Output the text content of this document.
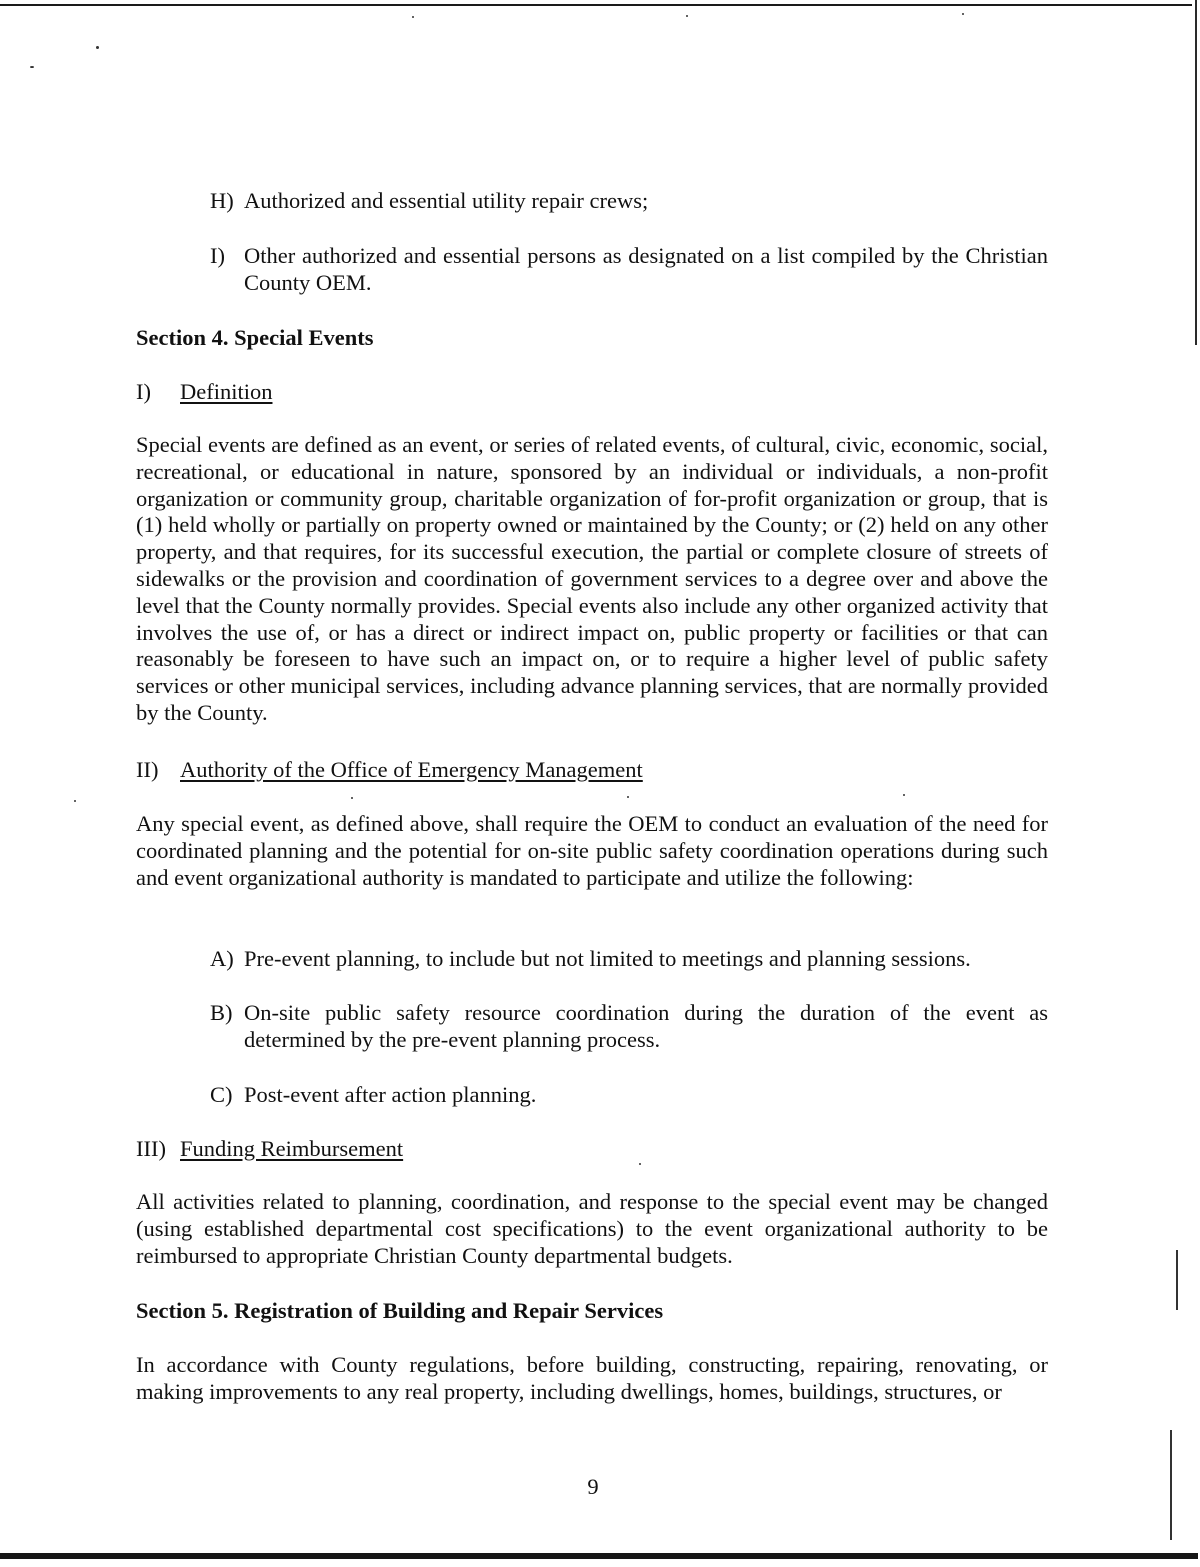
H) Authorized and essential utility repair crews;

I) Other authorized and essential persons as designated on a list compiled by the Christian County OEM.

Section 4. Special Events

I) Definition

Special events are defined as an event, or series of related events, of cultural, civic, economic, social, recreational, or educational in nature, sponsored by an individual or individuals, a non-profit organization or community group, charitable organization of for-profit organization or group, that is (1) held wholly or partially on property owned or maintained by the County; or (2) held on any other property, and that requires, for its successful execution, the partial or complete closure of streets of sidewalks or the provision and coordination of government services to a degree over and above the level that the County normally provides. Special events also include any other organized activity that involves the use of, or has a direct or indirect impact on, public property or facilities or that can reasonably be foreseen to have such an impact on, or to require a higher level of public safety services or other municipal services, including advance planning services, that are normally provided by the County.

II) Authority of the Office of Emergency Management

Any special event, as defined above, shall require the OEM to conduct an evaluation of the need for coordinated planning and the potential for on-site public safety coordination operations during such and event organizational authority is mandated to participate and utilize the following:

A) Pre-event planning, to include but not limited to meetings and planning sessions.

B) On-site public safety resource coordination during the duration of the event as determined by the pre-event planning process.

C) Post-event after action planning.

III) Funding Reimbursement

All activities related to planning, coordination, and response to the special event may be changed (using established departmental cost specifications) to the event organizational authority to be reimbursed to appropriate Christian County departmental budgets.

Section 5. Registration of Building and Repair Services

In accordance with County regulations, before building, constructing, repairing, renovating, or making improvements to any real property, including dwellings, homes, buildings, structures, or

9
